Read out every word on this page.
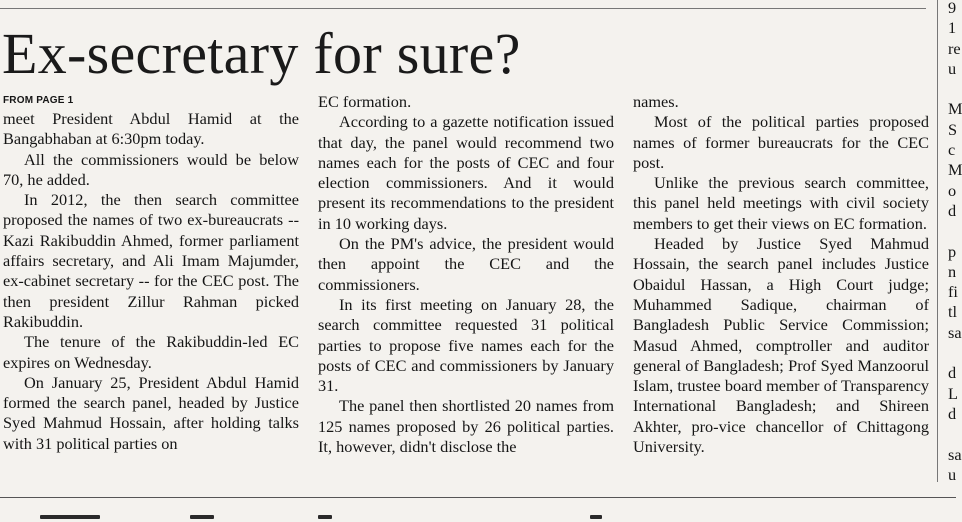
Ex-secretary for sure?
FROM PAGE 1

meet President Abdul Hamid at the Bangabhaban at 6:30pm today.

All the commissioners would be below 70, he added.

In 2012, the then search committee proposed the names of two ex-bureaucrats -- Kazi Rakibuddin Ahmed, former parliament affairs secretary, and Ali Imam Majumder, ex-cabinet secretary -- for the CEC post. The then president Zillur Rahman picked Rakibuddin.

The tenure of the Rakibuddin-led EC expires on Wednesday.

On January 25, President Abdul Hamid formed the search panel, headed by Justice Syed Mahmud Hossain, after holding talks with 31 political parties on

EC formation.

According to a gazette notification issued that day, the panel would recommend two names each for the posts of CEC and four election commissioners. And it would present its recommendations to the president in 10 working days.

On the PM's advice, the president would then appoint the CEC and the commissioners.

In its first meeting on January 28, the search committee requested 31 political parties to propose five names each for the posts of CEC and commissioners by January 31.

The panel then shortlisted 20 names from 125 names proposed by 26 political parties. It, however, didn't disclose the

names.

Most of the political parties proposed names of former bureaucrats for the CEC post.

Unlike the previous search committee, this panel held meetings with civil society members to get their views on EC formation.

Headed by Justice Syed Mahmud Hossain, the search panel includes Justice Obaidul Hassan, a High Court judge; Muhammed Sadique, chairman of Bangladesh Public Service Commission; Masud Ahmed, comptroller and auditor general of Bangladesh; Prof Syed Manzoorul Islam, trustee board member of Transparency International Bangladesh; and Shireen Akhter, pro-vice chancellor of Chittagong University.

9
1
re
u
M
S
c
M
o
d
p
n
fi
tl
sa
d
L
d
sa
u
